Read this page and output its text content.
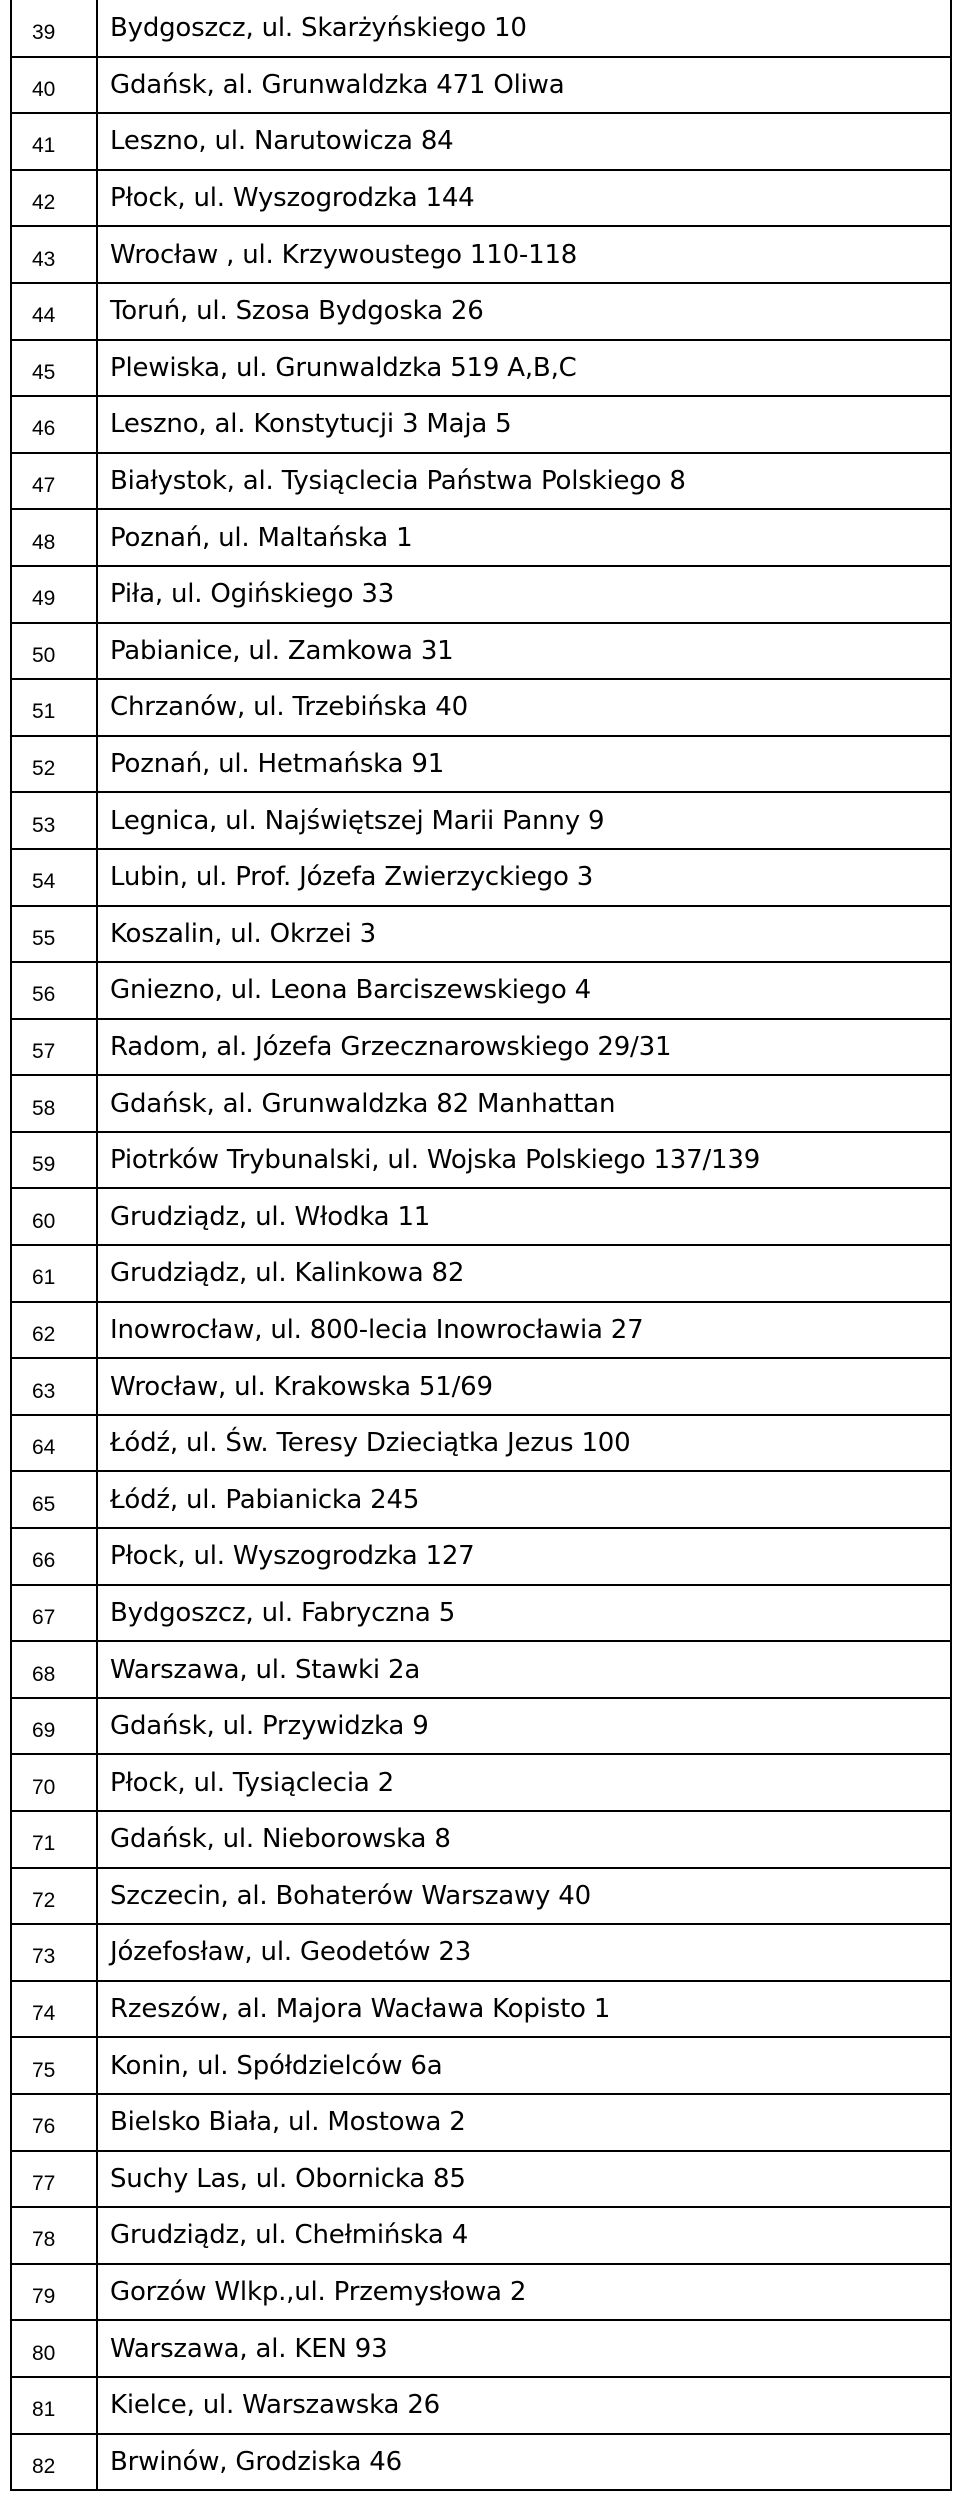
39	Bydgoszcz, ul. Skarżyńskiego 10
40	Gdańsk, al. Grunwaldzka 471 Oliwa
41	Leszno, ul. Narutowicza 84
42	Płock, ul. Wyszogrodzka 144
43	Wrocław , ul. Krzywoustego 110-118
44	Toruń, ul. Szosa Bydgoska 26
45	Plewiska, ul. Grunwaldzka 519 A,B,C
46	Leszno, al. Konstytucji 3 Maja 5
47	Białystok, al. Tysiąclecia Państwa Polskiego 8
48	Poznań, ul. Maltańska 1
49	Piła, ul. Ogińskiego 33
50	Pabianice, ul. Zamkowa 31
51	Chrzanów, ul. Trzebińska 40
52	Poznań, ul. Hetmańska 91
53	Legnica, ul. Najświętszej Marii Panny 9
54	Lubin, ul. Prof. Józefa Zwierzyckiego 3
55	Koszalin, ul. Okrzei 3
56	Gniezno, ul. Leona Barciszewskiego 4
57	Radom, al. Józefa Grzecznarowskiego 29/31
58	Gdańsk, al. Grunwaldzka 82 Manhattan
59	Piotrków Trybunalski, ul. Wojska Polskiego 137/139
60	Grudziądz, ul. Włodka 11
61	Grudziądz, ul. Kalinkowa 82
62	Inowrocław, ul. 800-lecia Inowrocławia 27
63	Wrocław, ul. Krakowska 51/69
64	Łódź, ul. Św. Teresy Dzieciątka Jezus 100
65	Łódź, ul. Pabianicka 245
66	Płock, ul. Wyszogrodzka 127
67	Bydgoszcz, ul. Fabryczna 5
68	Warszawa, ul. Stawki 2a
69	Gdańsk, ul. Przywidzka 9
70	Płock, ul. Tysiąclecia 2
71	Gdańsk, ul. Nieborowska 8
72	Szczecin, al. Bohaterów Warszawy 40
73	Józefosław, ul. Geodetów 23
74	Rzeszów, al. Majora Wacława Kopisto 1
75	Konin, ul. Spółdzielców 6a
76	Bielsko Biała, ul. Mostowa 2
77	Suchy Las, ul. Obornicka 85
78	Grudziądz, ul. Chełmińska 4
79	Gorzów Wlkp.,ul. Przemysłowa 2
80	Warszawa, al. KEN 93
81	Kielce, ul. Warszawska 26
82	Brwinów, Grodziska 46
